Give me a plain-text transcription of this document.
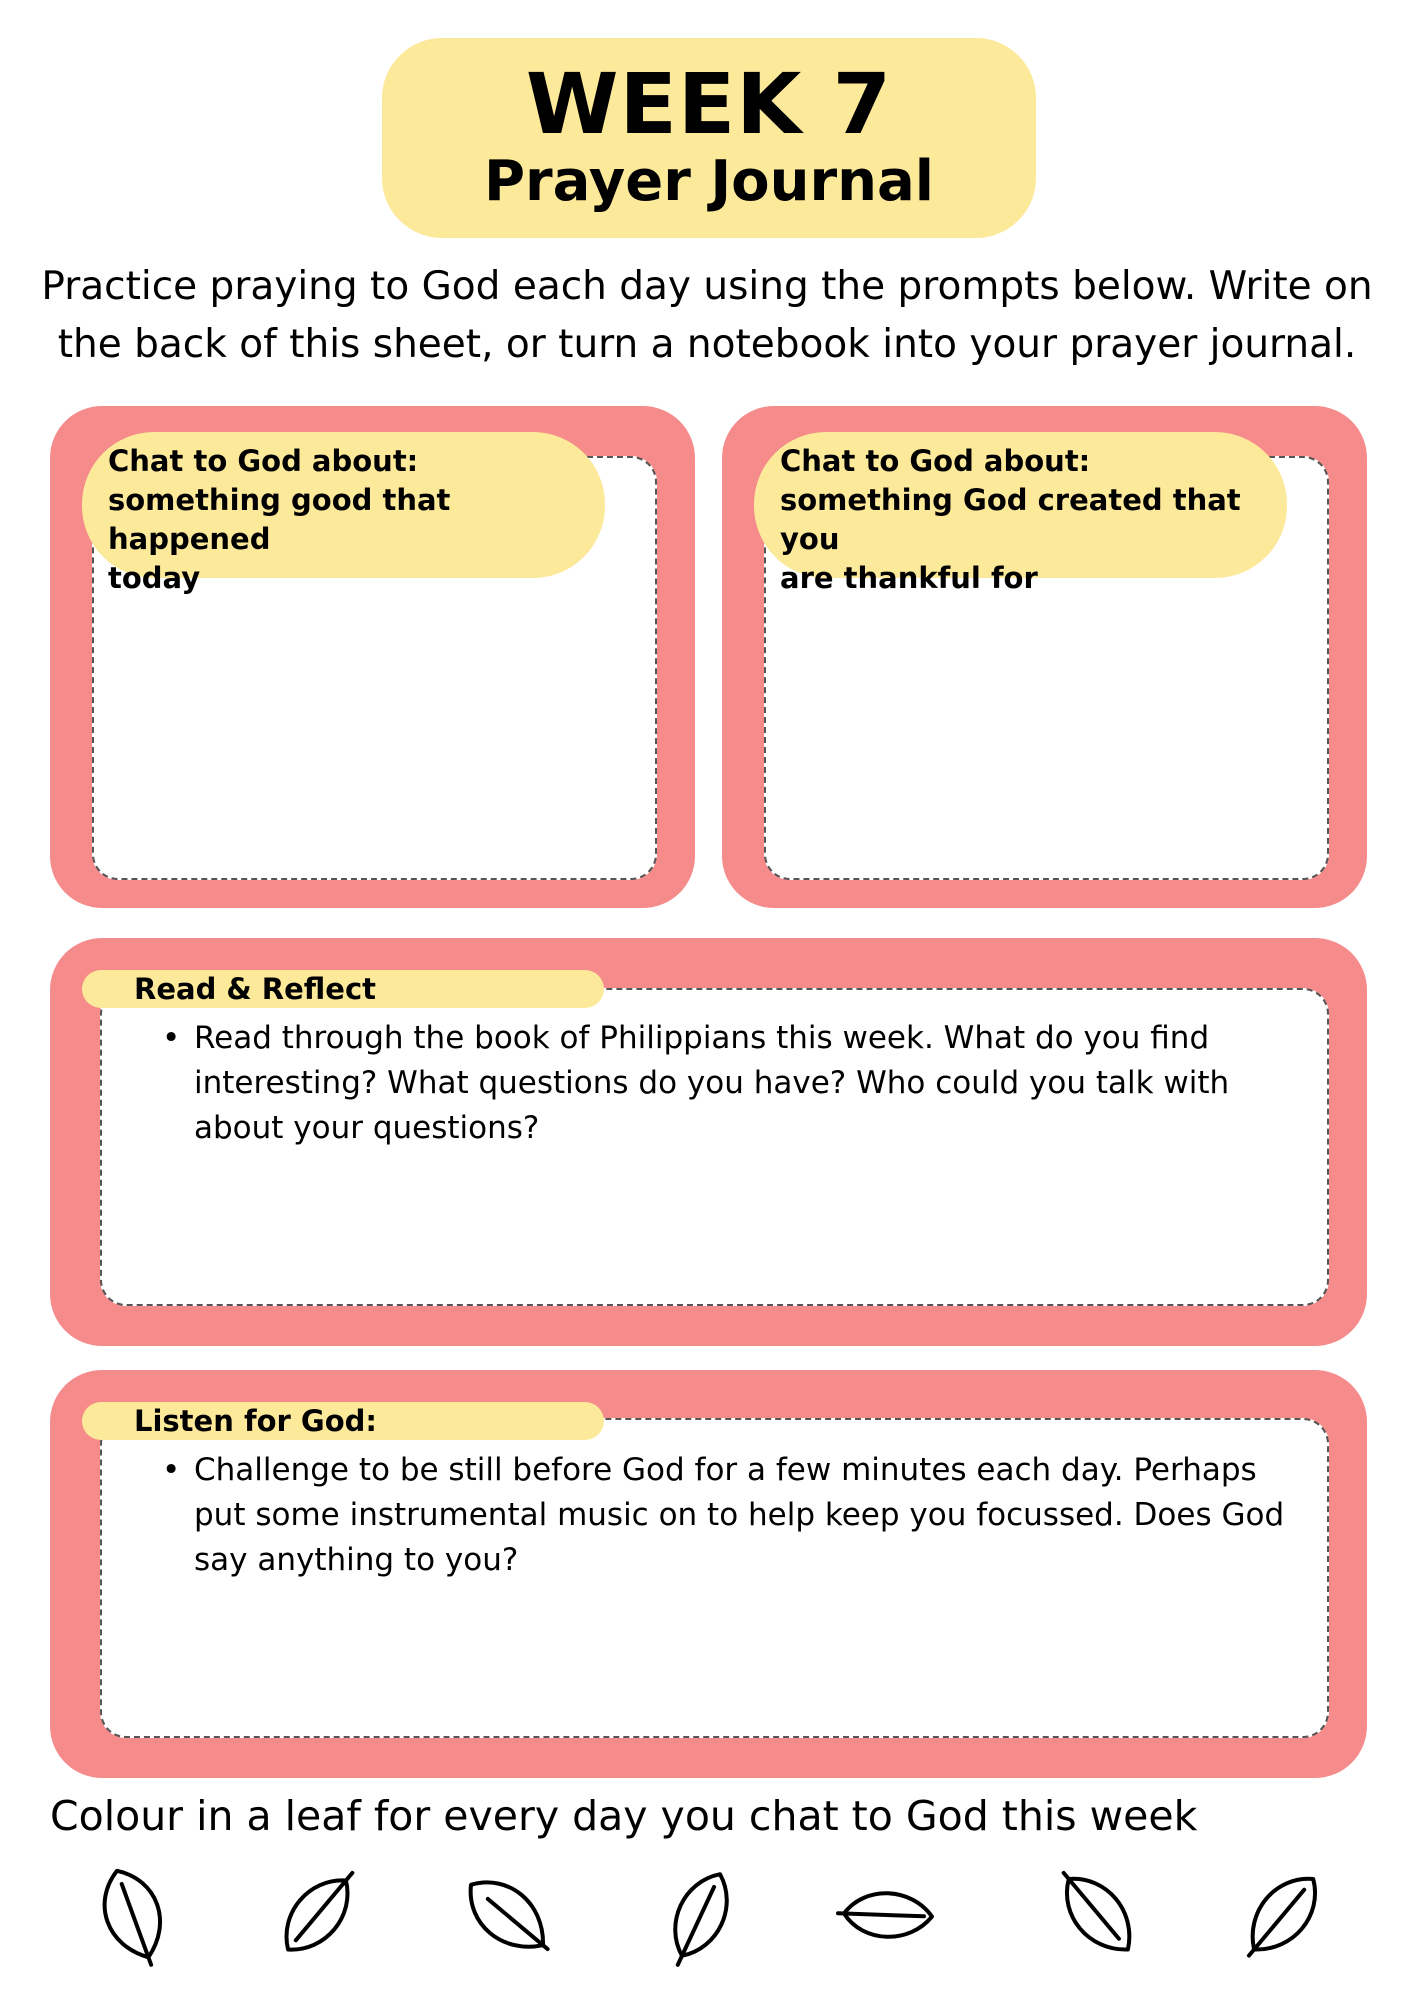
WEEK 7
Prayer Journal
Practice praying to God each day using the prompts below. Write on
the back of this sheet, or turn a notebook into your prayer journal.
Chat to God about:
something good that happened
today
Chat to God about:
something God created that you
are thankful for
Read & Reflect
• Read through the book of Philippians this week. What do you find
interesting? What questions do you have? Who could you talk with
about your questions?
Listen for God:
• Challenge to be still before God for a few minutes each day. Perhaps
put some instrumental music on to help keep you focussed. Does God
say anything to you?
Colour in a leaf for every day you chat to God this week
